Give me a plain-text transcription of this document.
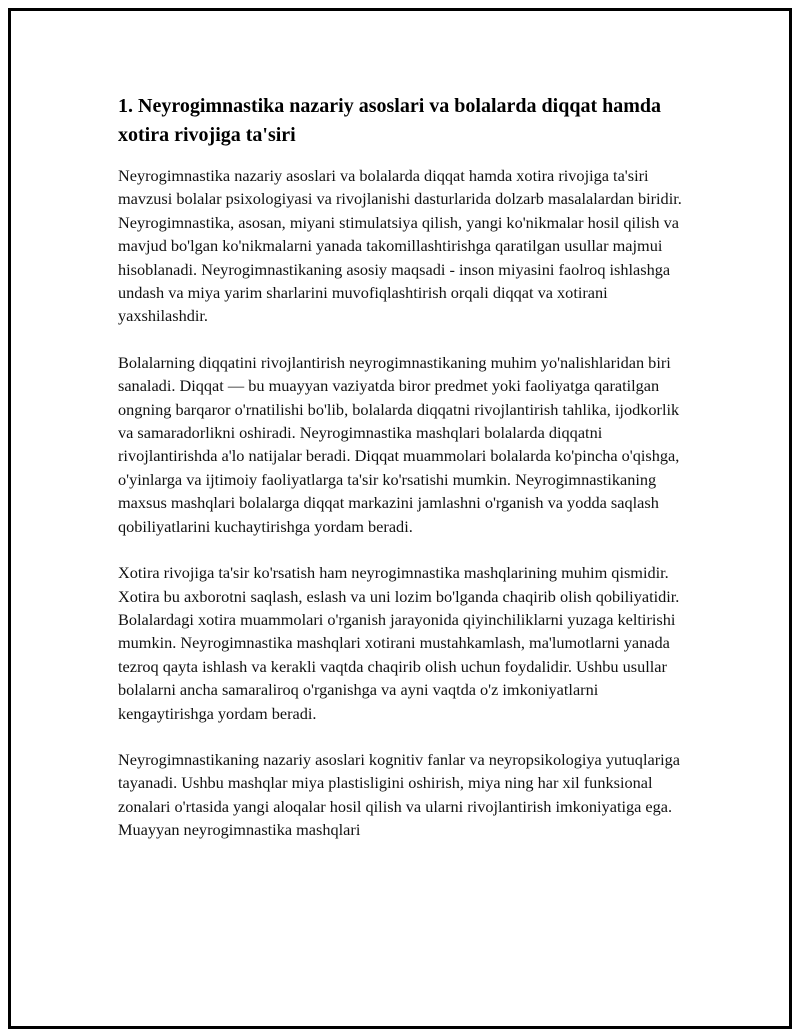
1. Neyrogimnastika nazariy asoslari va bolalarda diqqat hamda xotira rivojiga ta'siri

Neyrogimnastika nazariy asoslari va bolalarda diqqat hamda xotira rivojiga ta'siri mavzusi bolalar psixologiyasi va rivojlanishi dasturlarida dolzarb masalalardan biridir. Neyrogimnastika, asosan, miyani stimulatsiya qilish, yangi ko'nikmalar hosil qilish va mavjud bo'lgan ko'nikmalarni yanada takomillashtirishga qaratilgan usullar majmui hisoblanadi. Neyrogimnastikaning asosiy maqsadi - inson miyasini faolroq ishlashga undash va miya yarim sharlarini muvofiqlashtirish orqali diqqat va xotirani yaxshilashdir.

Bolalarning diqqatini rivojlantirish neyrogimnastikaning muhim yo'nalishlaridan biri sanaladi. Diqqat — bu muayyan vaziyatda biror predmet yoki faoliyatga qaratilgan ongning barqaror o'rnatilishi bo'lib, bolalarda diqqatni rivojlantirish tahlika, ijodkorlik va samaradorlikni oshiradi. Neyrogimnastika mashqlari bolalarda diqqatni rivojlantirishda a'lo natijalar beradi. Diqqat muammolari bolalarda ko'pincha o'qishga, o'yinlarga va ijtimoiy faoliyatlarga ta'sir ko'rsatishi mumkin. Neyrogimnastikaning maxsus mashqlari bolalarga diqqat markazini jamlashni o'rganish va yodda saqlash qobiliyatlarini kuchaytirishga yordam beradi.

Xotira rivojiga ta'sir ko'rsatish ham neyrogimnastika mashqlarining muhim qismidir. Xotira bu axborotni saqlash, eslash va uni lozim bo'lganda chaqirib olish qobiliyatidir. Bolalardagi xotira muammolari o'rganish jarayonida qiyinchiliklarni yuzaga keltirishi mumkin. Neyrogimnastika mashqlari xotirani mustahkamlash, ma'lumotlarni yanada tezroq qayta ishlash va kerakli vaqtda chaqirib olish uchun foydalidir. Ushbu usullar bolalarni ancha samaraliroq o'rganishga va ayni vaqtda o'z imkoniyatlarni kengaytirishga yordam beradi.

Neyrogimnastikaning nazariy asoslari kognitiv fanlar va neyropsikologiya yutuqlariga tayanadi. Ushbu mashqlar miya plastisligini oshirish, miya ning har xil funksional zonalari o'rtasida yangi aloqalar hosil qilish va ularni rivojlantirish imkoniyatiga ega. Muayyan neyrogimnastika mashqlari
